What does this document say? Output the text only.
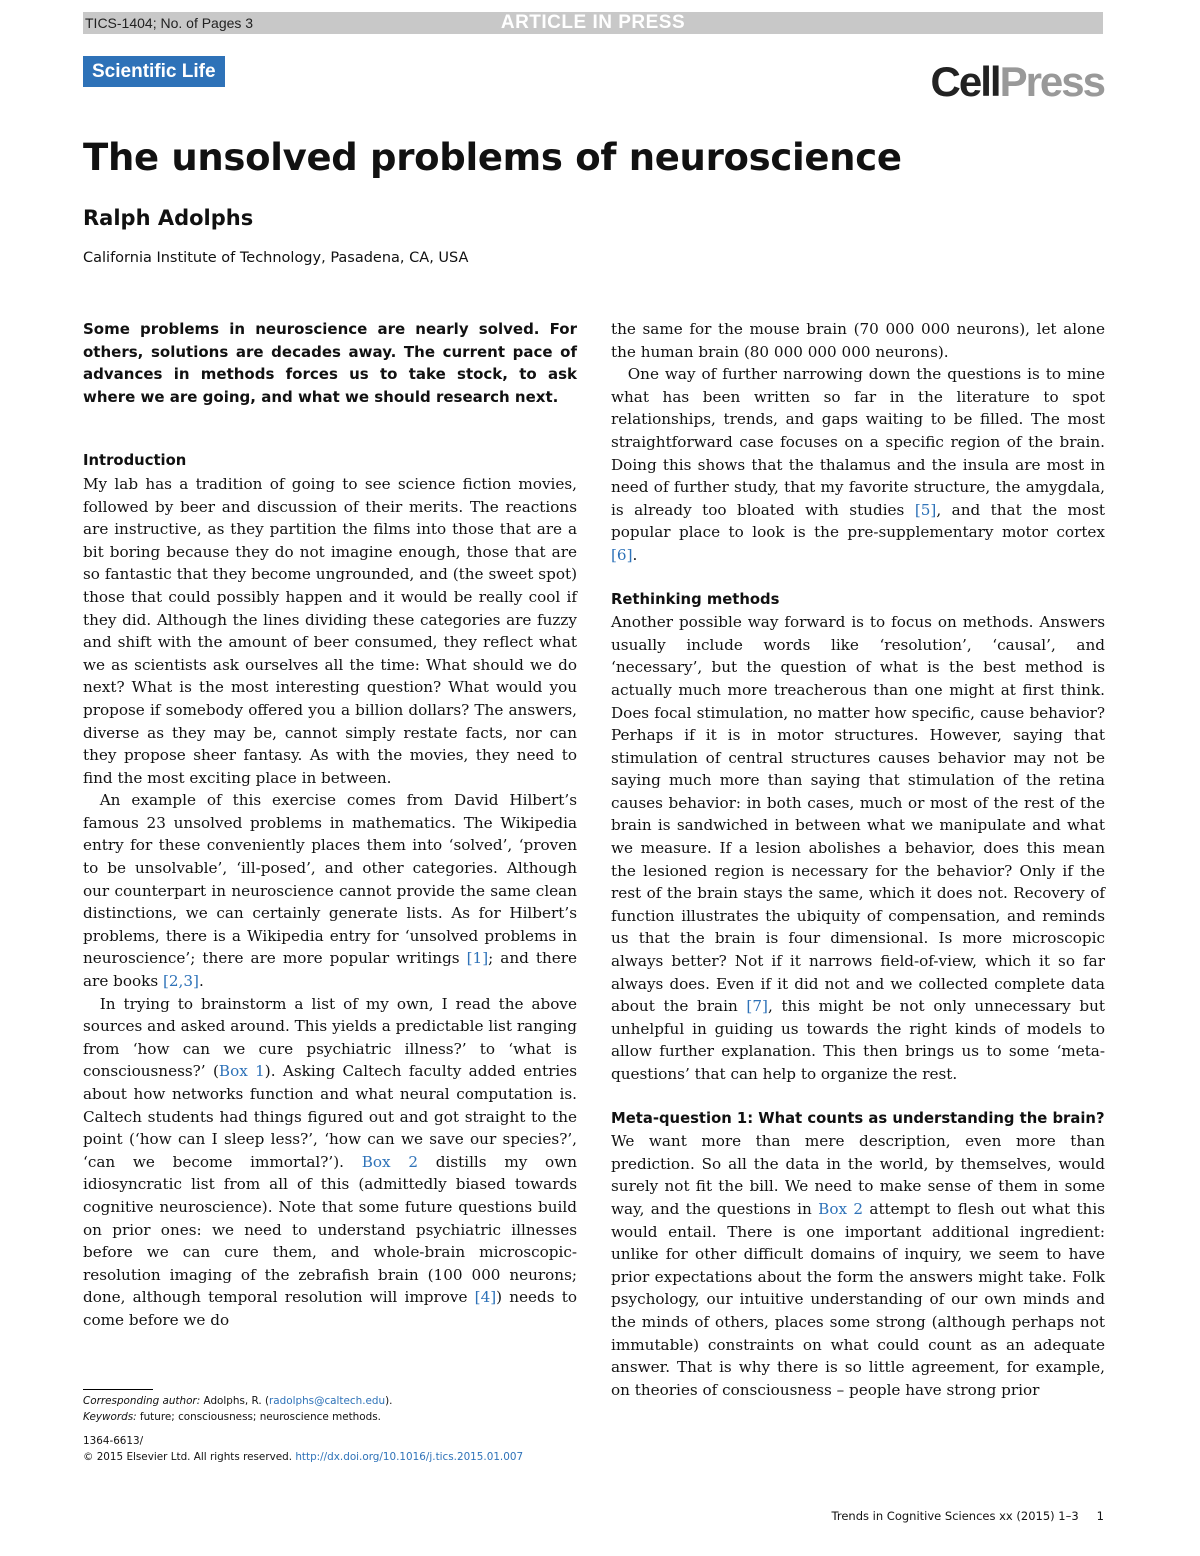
TICS-1404; No. of Pages 3	ARTICLE IN PRESS
Scientific Life	CellPress
The unsolved problems of neuroscience
Ralph Adolphs
California Institute of Technology, Pasadena, CA, USA

Some problems in neuroscience are nearly solved. For others, solutions are decades away. The current pace of advances in methods forces us to take stock, to ask where we are going, and what we should research next.

Introduction

My lab has a tradition of going to see science fiction movies, followed by beer and discussion of their merits. The reactions are instructive, as they partition the films into those that are a bit boring because they do not imagine enough, those that are so fantastic that they become ungrounded, and (the sweet spot) those that could possibly happen and it would be really cool if they did. Although the lines dividing these categories are fuzzy and shift with the amount of beer consumed, they reflect what we as scientists ask ourselves all the time: What should we do next? What is the most interesting question? What would you propose if somebody offered you a billion dollars? The answers, diverse as they may be, cannot simply restate facts, nor can they propose sheer fantasy. As with the movies, they need to find the most exciting place in between.

An example of this exercise comes from David Hilbert’s famous 23 unsolved problems in mathematics. The Wikipedia entry for these conveniently places them into ‘solved’, ‘proven to be unsolvable’, ‘ill-posed’, and other categories. Although our counterpart in neuroscience cannot provide the same clean distinctions, we can certainly generate lists. As for Hilbert’s problems, there is a Wikipedia entry for ‘unsolved problems in neuroscience’; there are more popular writings [1]; and there are books [2,3].

In trying to brainstorm a list of my own, I read the above sources and asked around. This yields a predictable list ranging from ‘how can we cure psychiatric illness?’ to ‘what is consciousness?’ (Box 1). Asking Caltech faculty added entries about how networks function and what neural computation is. Caltech students had things figured out and got straight to the point (‘how can I sleep less?’, ‘how can we save our species?’, ‘can we become immortal?’). Box 2 distills my own idiosyncratic list from all of this (admittedly biased towards cognitive neuroscience). Note that some future questions build on prior ones: we need to understand psychiatric illnesses before we can cure them, and whole-brain microscopic-resolution imaging of the zebrafish brain (100 000 neurons; done, although temporal resolution will improve [4]) needs to come before we do

the same for the mouse brain (70 000 000 neurons), let alone the human brain (80 000 000 000 neurons).

One way of further narrowing down the questions is to mine what has been written so far in the literature to spot relationships, trends, and gaps waiting to be filled. The most straightforward case focuses on a specific region of the brain. Doing this shows that the thalamus and the insula are most in need of further study, that my favorite structure, the amygdala, is already too bloated with studies [5], and that the most popular place to look is the pre-supplementary motor cortex [6].

Rethinking methods

Another possible way forward is to focus on methods. Answers usually include words like ‘resolution’, ‘causal’, and ‘necessary’, but the question of what is the best method is actually much more treacherous than one might at first think. Does focal stimulation, no matter how specific, cause behavior? Perhaps if it is in motor structures. However, saying that stimulation of central structures causes behavior may not be saying much more than saying that stimulation of the retina causes behavior: in both cases, much or most of the rest of the brain is sandwiched in between what we manipulate and what we measure. If a lesion abolishes a behavior, does this mean the lesioned region is necessary for the behavior? Only if the rest of the brain stays the same, which it does not. Recovery of function illustrates the ubiquity of compensation, and reminds us that the brain is four dimensional. Is more microscopic always better? Not if it narrows field-of-view, which it so far always does. Even if it did not and we collected complete data about the brain [7], this might be not only unnecessary but unhelpful in guiding us towards the right kinds of models to allow further explanation. This then brings us to some ‘meta-questions’ that can help to organize the rest.

Meta-question 1: What counts as understanding the brain?

We want more than mere description, even more than prediction. So all the data in the world, by themselves, would surely not fit the bill. We need to make sense of them in some way, and the questions in Box 2 attempt to flesh out what this would entail. There is one important additional ingredient: unlike for other difficult domains of inquiry, we seem to have prior expectations about the form the answers might take. Folk psychology, our intuitive understanding of our own minds and the minds of others, places some strong (although perhaps not immutable) constraints on what could count as an adequate answer. That is why there is so little agreement, for example, on theories of consciousness – people have strong prior

Corresponding author: Adolphs, R. (radolphs@caltech.edu).
Keywords: future; consciousness; neuroscience methods.
1364-6613/
© 2015 Elsevier Ltd. All rights reserved. http://dx.doi.org/10.1016/j.tics.2015.01.007
Trends in Cognitive Sciences xx (2015) 1–3 1
